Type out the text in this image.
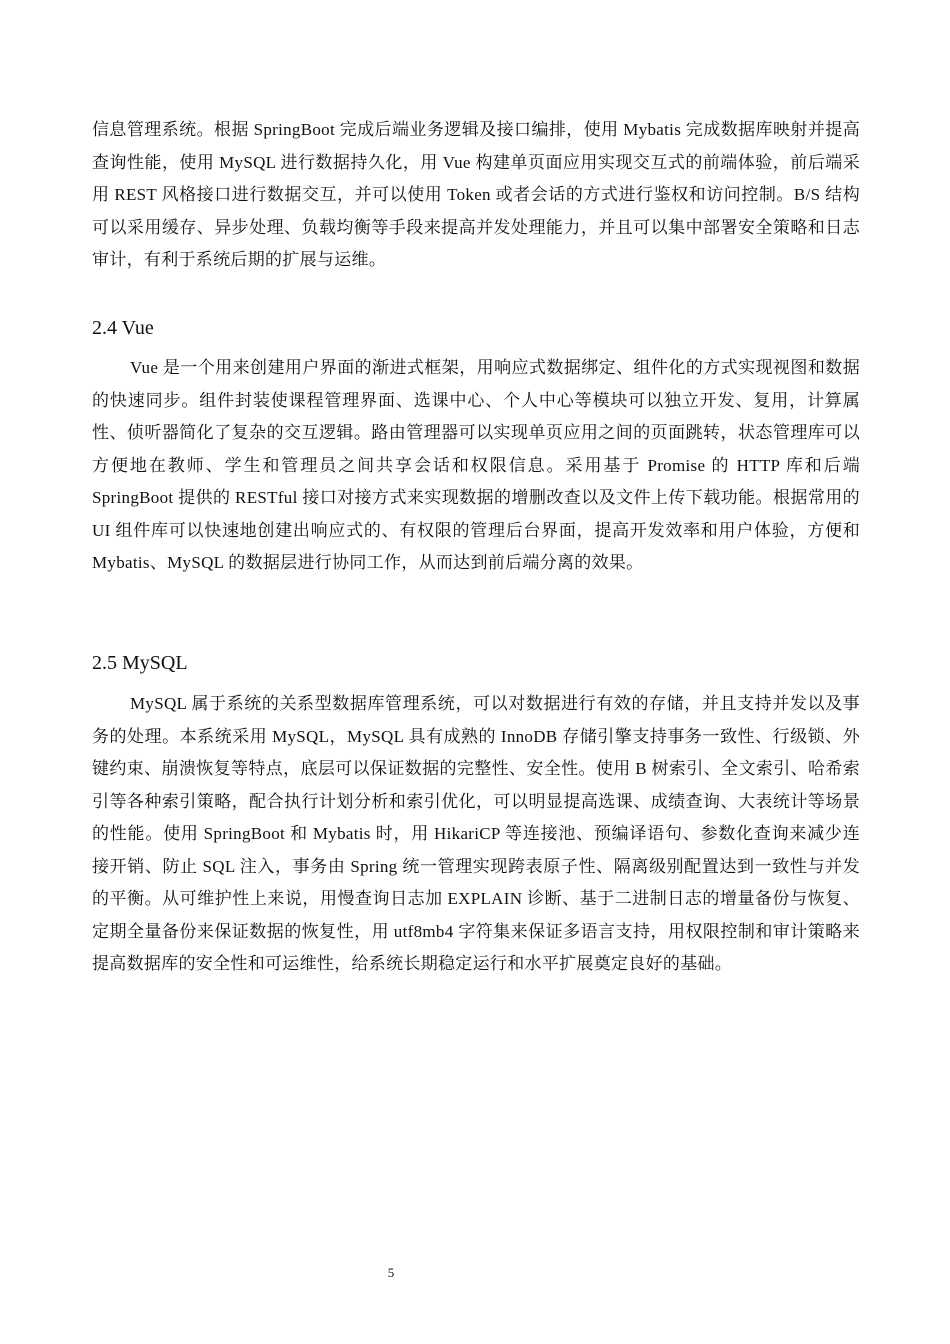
信息管理系统。根据 SpringBoot 完成后端业务逻辑及接口编排，使用 Mybatis 完成数据库映射并提高查询性能，使用 MySQL 进行数据持久化，用 Vue 构建单页面应用实现交互式的前端体验，前后端采用 REST 风格接口进行数据交互，并可以使用 Token 或者会话的方式进行鉴权和访问控制。B/S 结构可以采用缓存、异步处理、负载均衡等手段来提高并发处理能力，并且可以集中部署安全策略和日志审计，有利于系统后期的扩展与运维。

2.4 Vue

Vue 是一个用来创建用户界面的渐进式框架，用响应式数据绑定、组件化的方式实现视图和数据的快速同步。组件封装使课程管理界面、选课中心、个人中心等模块可以独立开发、复用，计算属性、侦听器简化了复杂的交互逻辑。路由管理器可以实现单页应用之间的页面跳转，状态管理库可以方便地在教师、学生和管理员之间共享会话和权限信息。采用基于 Promise 的 HTTP 库和后端 SpringBoot 提供的 RESTful 接口对接方式来实现数据的增删改查以及文件上传下载功能。根据常用的 UI 组件库可以快速地创建出响应式的、有权限的管理后台界面，提高开发效率和用户体验，方便和 Mybatis、MySQL 的数据层进行协同工作，从而达到前后端分离的效果。

2.5 MySQL

MySQL 属于系统的关系型数据库管理系统，可以对数据进行有效的存储，并且支持并发以及事务的处理。本系统采用 MySQL，MySQL 具有成熟的 InnoDB 存储引擎支持事务一致性、行级锁、外键约束、崩溃恢复等特点，底层可以保证数据的完整性、安全性。使用 B 树索引、全文索引、哈希索引等各种索引策略，配合执行计划分析和索引优化，可以明显提高选课、成绩查询、大表统计等场景的性能。使用 SpringBoot 和 Mybatis 时，用 HikariCP 等连接池、预编译语句、参数化查询来减少连接开销、防止 SQL 注入，事务由 Spring 统一管理实现跨表原子性、隔离级别配置达到一致性与并发的平衡。从可维护性上来说，用慢查询日志加 EXPLAIN 诊断、基于二进制日志的增量备份与恢复、定期全量备份来保证数据的恢复性，用 utf8mb4 字符集来保证多语言支持，用权限控制和审计策略来提高数据库的安全性和可运维性，给系统长期稳定运行和水平扩展奠定良好的基础。

5
